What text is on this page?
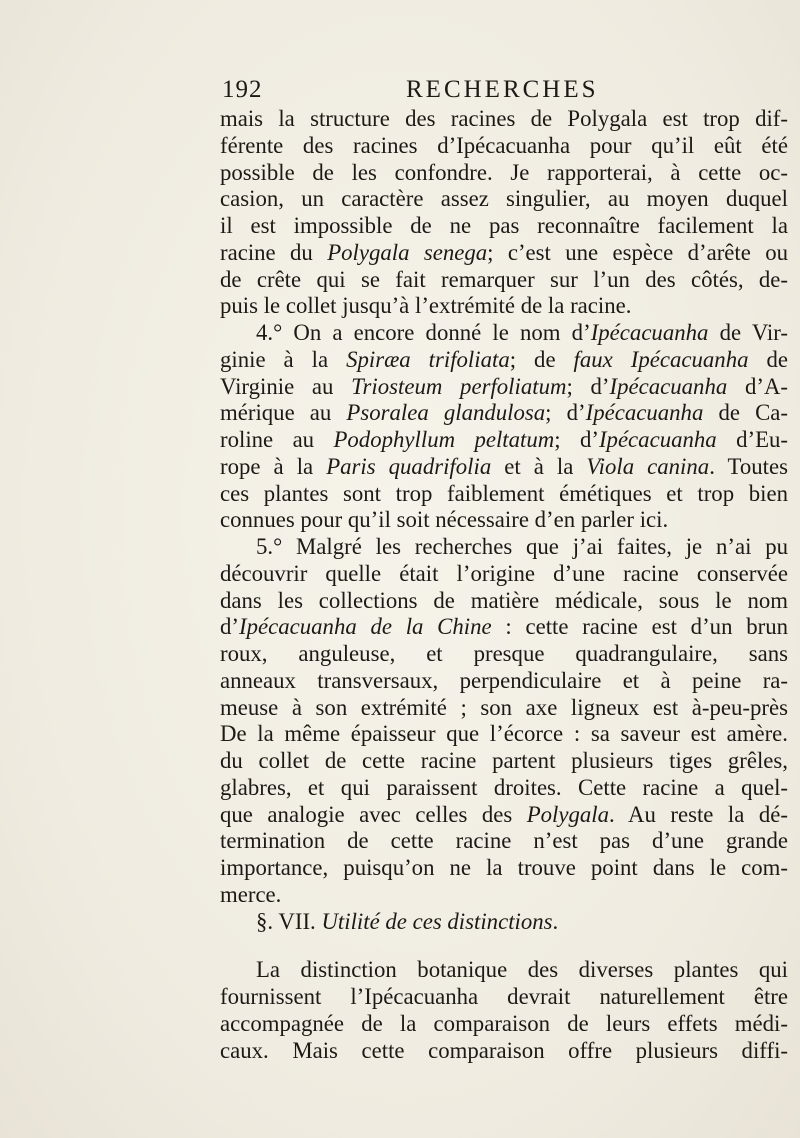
192	RECHERCHES
mais la structure des racines de Polygala est trop dif-
férente des racines d’Ipécacuanha pour qu’il eût été
possible de les confondre. Je rapporterai, à cette oc-
casion, un caractère assez singulier, au moyen duquel
il est impossible de ne pas reconnaître facilement la
racine du Polygala senega; c’est une espèce d’arête ou
de crête qui se fait remarquer sur l’un des côtés, de-
puis le collet jusqu’à l’extrémité de la racine.
4.° On a encore donné le nom d’Ipécacuanha de Vir-
ginie à la Spiræa trifoliata; de faux Ipécacuanha de
Virginie au Triosteum perfoliatum; d’Ipécacuanha d’A-
mérique au Psoralea glandulosa; d’Ipécacuanha de Ca-
roline au Podophyllum peltatum; d’Ipécacuanha d’Eu-
rope à la Paris quadrifolia et à la Viola canina. Toutes
ces plantes sont trop faiblement émétiques et trop bien
connues pour qu’il soit nécessaire d’en parler ici.
5.° Malgré les recherches que j’ai faites, je n’ai pu
découvrir quelle était l’origine d’une racine conservée
dans les collections de matière médicale, sous le nom
d’Ipécacuanha de la Chine : cette racine est d’un brun
roux, anguleuse, et presque quadrangulaire, sans
anneaux transversaux, perpendiculaire et à peine ra-
meuse à son extrémité ; son axe ligneux est à-peu-près
De la même épaisseur que l’écorce : sa saveur est amère.
du collet de cette racine partent plusieurs tiges grêles,
glabres, et qui paraissent droites. Cette racine a quel-
que analogie avec celles des Polygala. Au reste la dé-
termination de cette racine n’est pas d’une grande
importance, puisqu’on ne la trouve point dans le com-
merce.
§. VII. Utilité de ces distinctions.
La distinction botanique des diverses plantes qui
fournissent l’Ipécacuanha devrait naturellement être
accompagnée de la comparaison de leurs effets médi-
caux. Mais cette comparaison offre plusieurs diffi-
